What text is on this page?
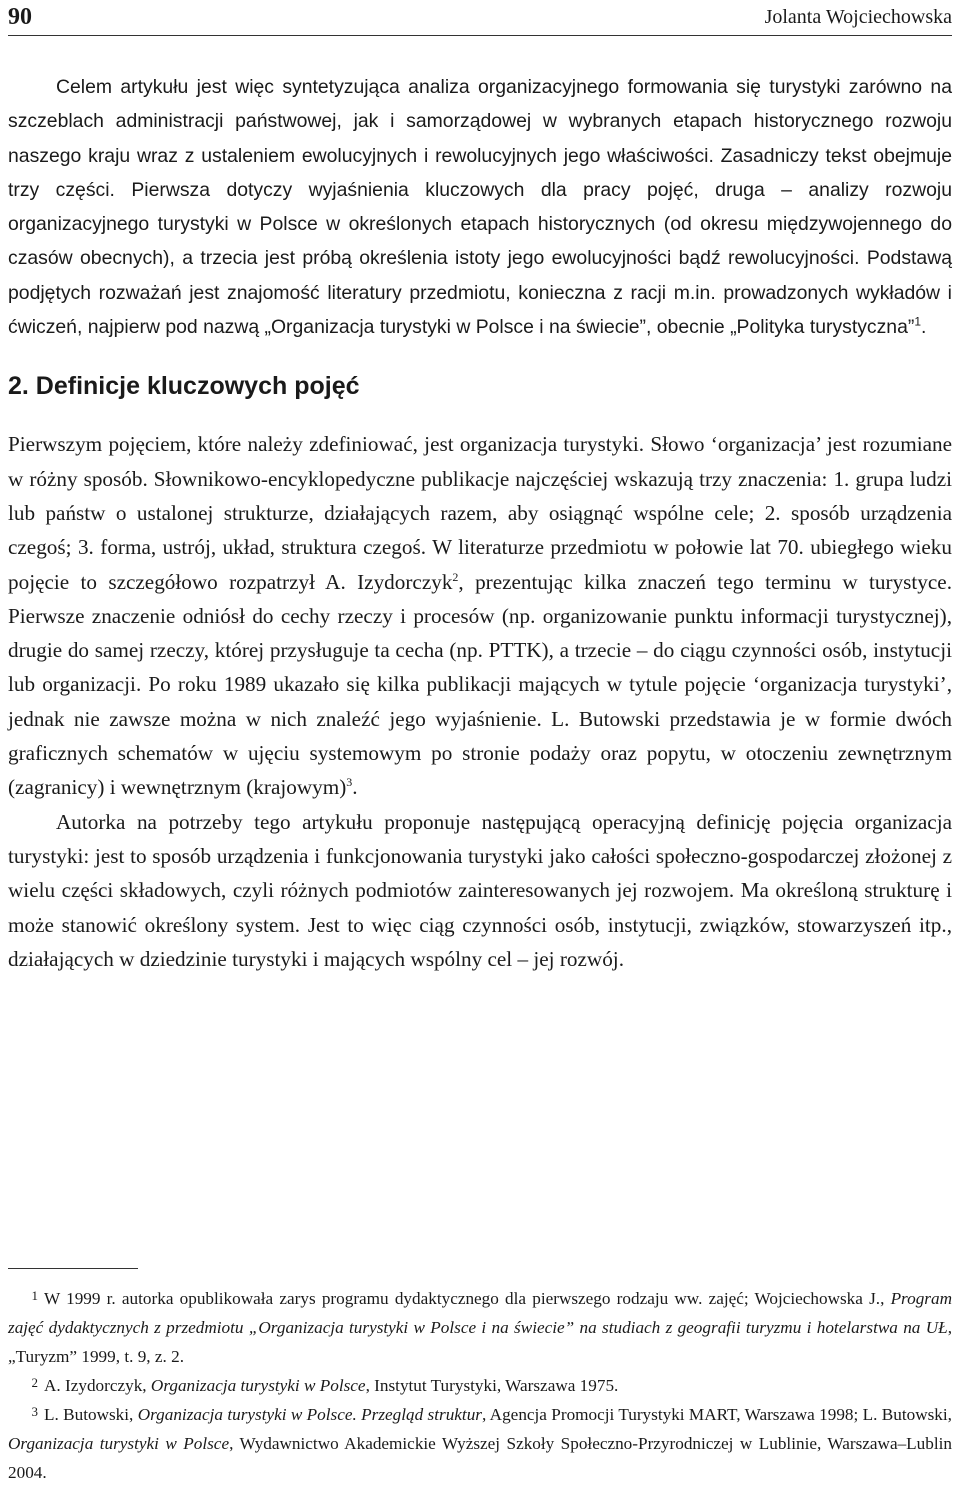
90	Jolanta Wojciechowska

Celem artykułu jest więc syntetyzująca analiza organizacyjnego formowania się turystyki zarówno na szczeblach administracji państwowej, jak i samorządowej w wybranych etapach historycznego rozwoju naszego kraju wraz z ustaleniem ewolucyjnych i rewolucyjnych jego właściwości. Zasadniczy tekst obejmuje trzy części. Pierwsza dotyczy wyjaśnienia kluczowych dla pracy pojęć, druga – analizy rozwoju organizacyjnego turystyki w Polsce w określonych etapach historycznych (od okresu międzywojennego do czasów obecnych), a trzecia jest próbą określenia istoty jego ewolucyjności bądź rewolucyjności. Podstawą podjętych rozważań jest znajomość literatury przedmiotu, konieczna z racji m.in. prowadzonych wykładów i ćwiczeń, najpierw pod nazwą „Organizacja turystyki w Polsce i na świecie”, obecnie „Polityka turystyczna”$^1$.

2. Definicje kluczowych pojęć

Pierwszym pojęciem, które należy zdefiniować, jest organizacja turystyki. Słowo ‘organizacja’ jest rozumiane w różny sposób. Słownikowo-encyklopedyczne publikacje najczęściej wskazują trzy znaczenia: 1. grupa ludzi lub państw o ustalonej strukturze, działających razem, aby osiągnąć wspólne cele; 2. sposób urządzenia czegoś; 3. forma, ustrój, układ, struktura czegoś. W literaturze przedmiotu w połowie lat 70. ubiegłego wieku pojęcie to szczegółowo rozpatrzył A. Izydorczyk$^2$, prezentując kilka znaczeń tego terminu w turystyce. Pierwsze znaczenie odniósł do cechy rzeczy i procesów (np. organizowanie punktu informacji turystycznej), drugie do samej rzeczy, której przysługuje ta cecha (np. PTTK), a trzecie – do ciągu czynności osób, instytucji lub organizacji. Po roku 1989 ukazało się kilka publikacji mających w tytule pojęcie ‘organizacja turystyki’, jednak nie zawsze można w nich znaleźć jego wyjaśnienie. L. Butowski przedstawia je w formie dwóch graficznych schematów w ujęciu systemowym po stronie podaży oraz popytu, w otoczeniu zewnętrznym (zagranicy) i wewnętrznym (krajowym)$^3$.

Autorka na potrzeby tego artykułu proponuje następującą operacyjną definicję pojęcia organizacja turystyki: jest to sposób urządzenia i funkcjonowania turystyki jako całości społeczno-gospodarczej złożonej z wielu części składowych, czyli różnych podmiotów zainteresowanych jej rozwojem. Ma określoną strukturę i może stanowić określony system. Jest to więc ciąg czynności osób, instytucji, związków, stowarzyszeń itp., działających w dziedzinie turystyki i mających wspólny cel – jej rozwój.

1 W 1999 r. autorka opublikowała zarys programu dydaktycznego dla pierwszego rodzaju ww. zajęć; Wojciechowska J., Program zajęć dydaktycznych z przedmiotu „Organizacja turystyki w Polsce i na świecie” na studiach z geografii turyzmu i hotelarstwa na UŁ, „Turyzm” 1999, t. 9, z. 2.

2 A. Izydorczyk, Organizacja turystyki w Polsce, Instytut Turystyki, Warszawa 1975.

3 L. Butowski, Organizacja turystyki w Polsce. Przegląd struktur, Agencja Promocji Turystyki MART, Warszawa 1998; L. Butowski, Organizacja turystyki w Polsce, Wydawnictwo Akademickie Wyższej Szkoły Społeczno-Przyrodniczej w Lublinie, Warszawa–Lublin 2004.
